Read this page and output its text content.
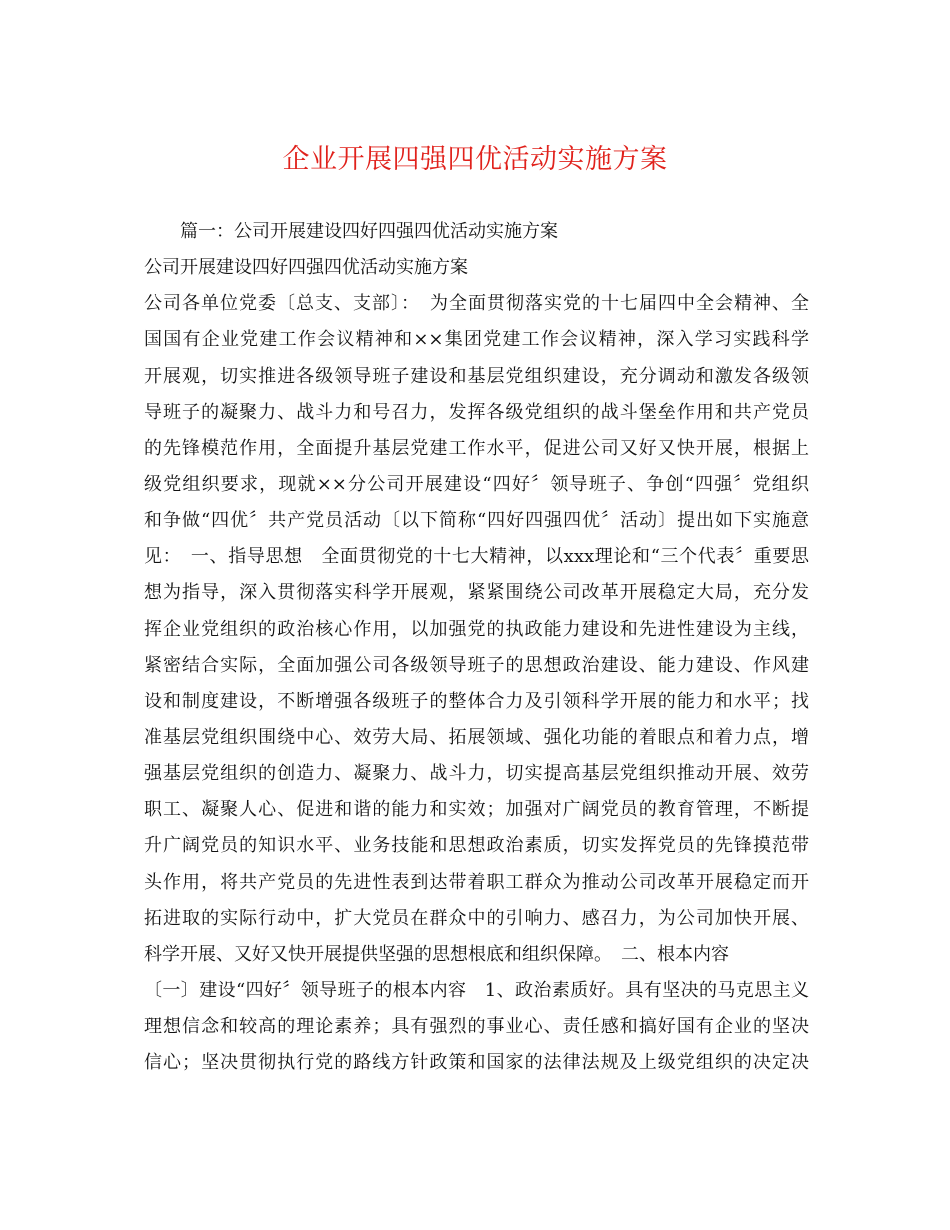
企业开展四强四优活动实施方案
篇一：公司开展建设四好四强四优活动实施方案
公司开展建设四好四强四优活动实施方案
公司各单位党委〔总支、支部〕：　为全面贯彻落实党的十七届四中全会精神、全
国国有企业党建工作会议精神和××集团党建工作会议精神，深入学习实践科学
开展观，切实推进各级领导班子建设和基层党组织建设，充分调动和激发各级领
导班子的凝聚力、战斗力和号召力，发挥各级党组织的战斗堡垒作用和共产党员
的先锋模范作用，全面提升基层党建工作水平，促进公司又好又快开展，根据上
级党组织要求，现就××分公司开展建设“四好〞领导班子、争创“四强〞党组织
和争做“四优〞共产党员活动〔以下简称“四好四强四优〞活动〕提出如下实施意
见：　一、指导思想　全面贯彻党的十七大精神，以xxx理论和“三个代表〞重要思
想为指导，深入贯彻落实科学开展观，紧紧围绕公司改革开展稳定大局，充分发
挥企业党组织的政治核心作用，以加强党的执政能力建设和先进性建设为主线，
紧密结合实际，全面加强公司各级领导班子的思想政治建设、能力建设、作风建
设和制度建设，不断增强各级班子的整体合力及引领科学开展的能力和水平；找
准基层党组织围绕中心、效劳大局、拓展领域、强化功能的着眼点和着力点，增
强基层党组织的创造力、凝聚力、战斗力，切实提高基层党组织推动开展、效劳
职工、凝聚人心、促进和谐的能力和实效；加强对广阔党员的教育管理，不断提
升广阔党员的知识水平、业务技能和思想政治素质，切实发挥党员的先锋摸范带
头作用，将共产党员的先进性表到达带着职工群众为推动公司改革开展稳定而开
拓进取的实际行动中，扩大党员在群众中的引响力、感召力，为公司加快开展、
科学开展、又好又快开展提供坚强的思想根底和组织保障。　二、根本内容
〔一〕建设“四好〞领导班子的根本内容　1、政治素质好。具有坚决的马克思主义
理想信念和较高的理论素养；具有强烈的事业心、责任感和搞好国有企业的坚决
信心；坚决贯彻执行党的路线方针政策和国家的法律法规及上级党组织的决定决
